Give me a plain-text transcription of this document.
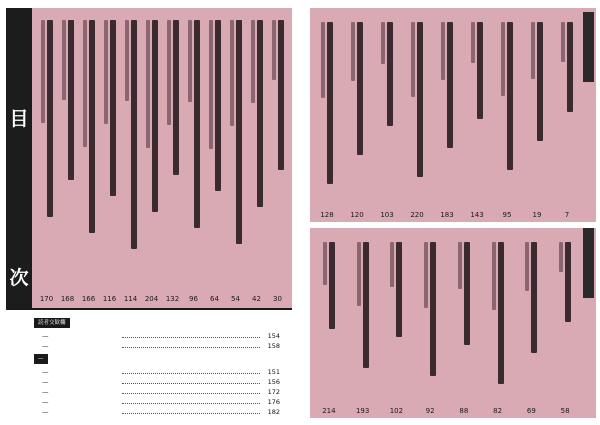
目
次
30
42
54
64
96
132
204
114
116
166
168
170
読者交歓欄
—	154
—	158
—
—	151
—	156
—	172
—	176
—	182
7
19
95
143
183
220
103
120
128
58
69
82
88
92
102
193
214
